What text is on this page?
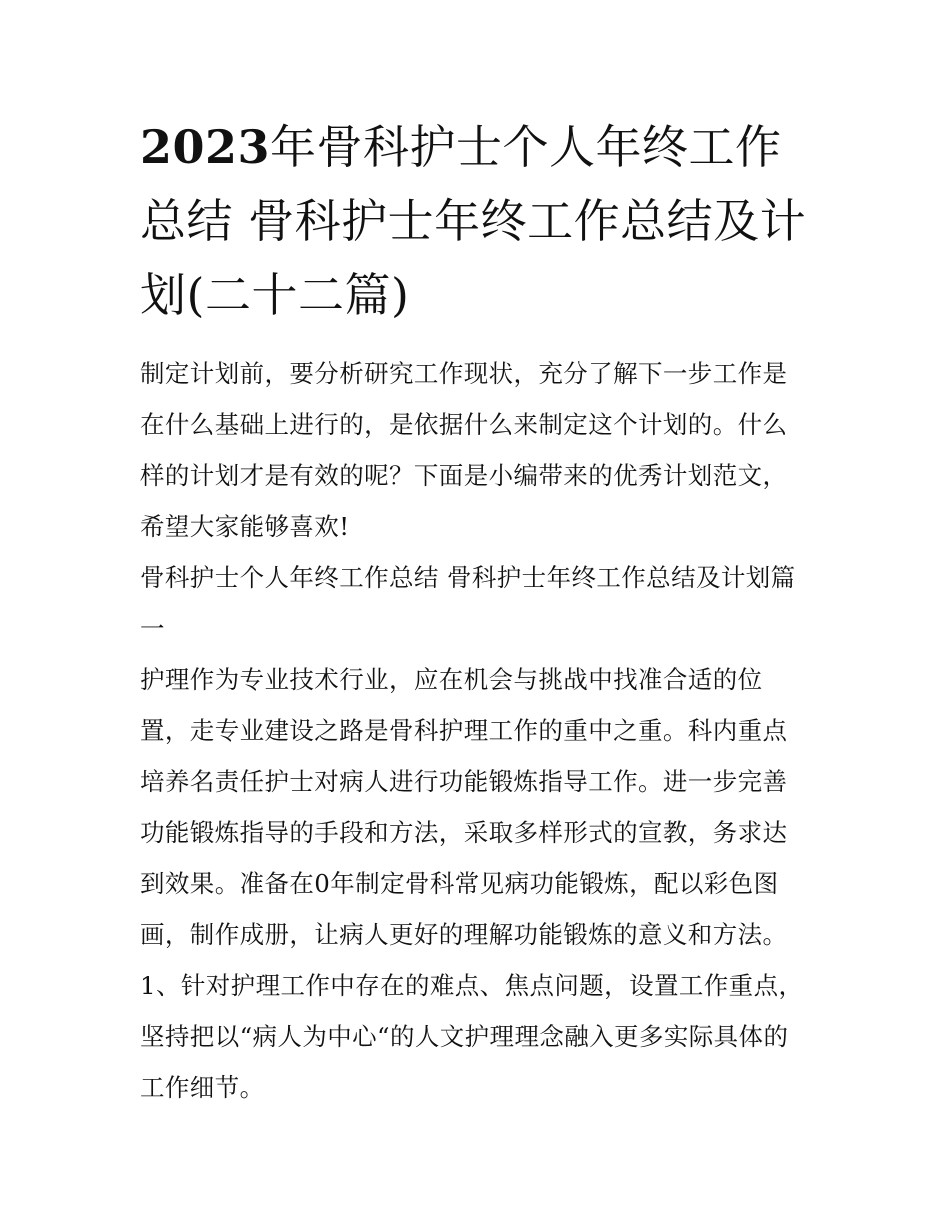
2023年骨科护士个人年终工作总结 骨科护士年终工作总结及计划(二十二篇)

制定计划前，要分析研究工作现状，充分了解下一步工作是在什么基础上进行的，是依据什么来制定这个计划的。什么样的计划才是有效的呢？下面是小编带来的优秀计划范文，希望大家能够喜欢!

骨科护士个人年终工作总结 骨科护士年终工作总结及计划篇一

护理作为专业技术行业，应在机会与挑战中找准合适的位置，走专业建设之路是骨科护理工作的重中之重。科内重点培养名责任护士对病人进行功能锻炼指导工作。进一步完善功能锻炼指导的手段和方法，采取多样形式的宣教，务求达到效果。准备在0年制定骨科常见病功能锻炼，配以彩色图画，制作成册，让病人更好的理解功能锻炼的意义和方法。

1、针对护理工作中存在的难点、焦点问题，设置工作重点，坚持把以“病人为中心“的人文护理理念融入更多实际具体的工作细节。
